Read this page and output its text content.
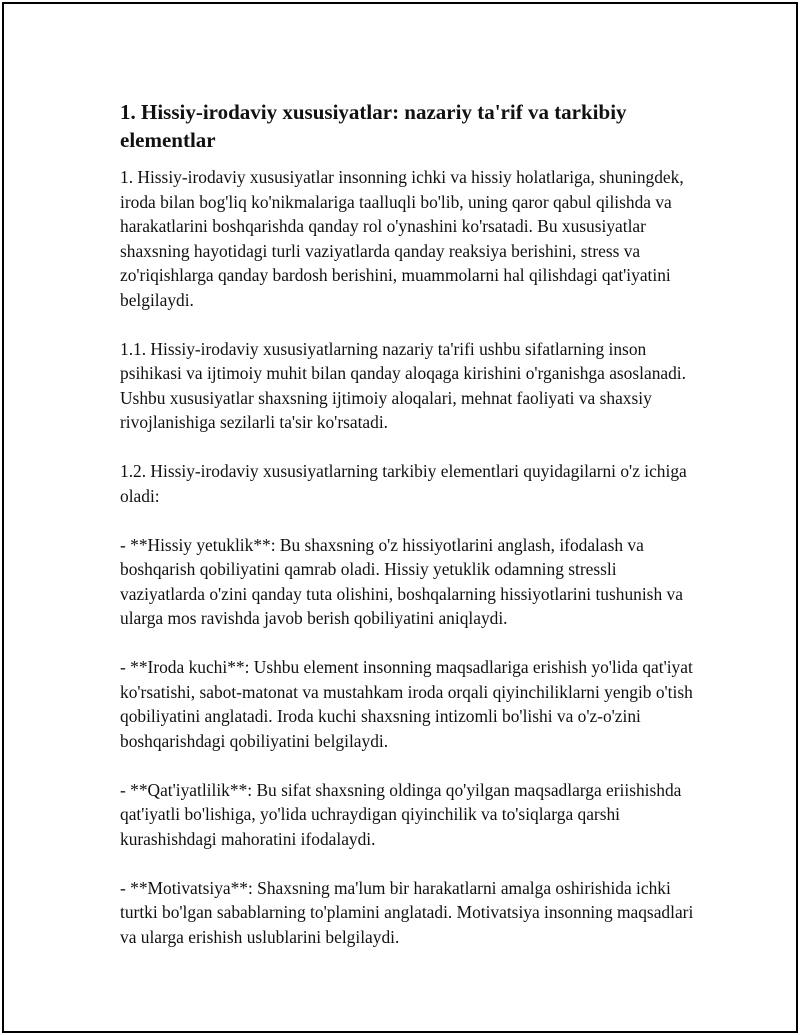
1. Hissiy-irodaviy xususiyatlar: nazariy ta'rif va tarkibiy elementlar

1. Hissiy-irodaviy xususiyatlar insonning ichki va hissiy holatlariga, shuningdek, iroda bilan bog'liq ko'nikmalariga taalluqli bo'lib, uning qaror qabul qilishda va harakatlarini boshqarishda qanday rol o'ynashini ko'rsatadi. Bu xususiyatlar shaxsning hayotidagi turli vaziyatlarda qanday reaksiya berishini, stress va zo'riqishlarga qanday bardosh berishini, muammolarni hal qilishdagi qat'iyatini belgilaydi.

1.1. Hissiy-irodaviy xususiyatlarning nazariy ta'rifi ushbu sifatlarning inson psihikasi va ijtimoiy muhit bilan qanday aloqaga kirishini o'rganishga asoslanadi. Ushbu xususiyatlar shaxsning ijtimoiy aloqalari, mehnat faoliyati va shaxsiy rivojlanishiga sezilarli ta'sir ko'rsatadi.

1.2. Hissiy-irodaviy xususiyatlarning tarkibiy elementlari quyidagilarni o'z ichiga oladi:

- **Hissiy yetuklik**: Bu shaxsning o'z hissiyotlarini anglash, ifodalash va boshqarish qobiliyatini qamrab oladi. Hissiy yetuklik odamning stressli vaziyatlarda o'zini qanday tuta olishini, boshqalarning hissiyotlarini tushunish va ularga mos ravishda javob berish qobiliyatini aniqlaydi.

- **Iroda kuchi**: Ushbu element insonning maqsadlariga erishish yo'lida qat'iyat ko'rsatishi, sabot-matonat va mustahkam iroda orqali qiyinchiliklarni yengib o'tish qobiliyatini anglatadi. Iroda kuchi shaxsning intizomli bo'lishi va o'z-o'zini boshqarishdagi qobiliyatini belgilaydi.

- **Qat'iyatlilik**: Bu sifat shaxsning oldinga qo'yilgan maqsadlarga eriishishda qat'iyatli bo'lishiga, yo'lida uchraydigan qiyinchilik va to'siqlarga qarshi kurashishdagi mahoratini ifodalaydi.

- **Motivatsiya**: Shaxsning ma'lum bir harakatlarni amalga oshirishida ichki turtki bo'lgan sabablarning to'plamini anglatadi. Motivatsiya insonning maqsadlari va ularga erishish uslublarini belgilaydi.
